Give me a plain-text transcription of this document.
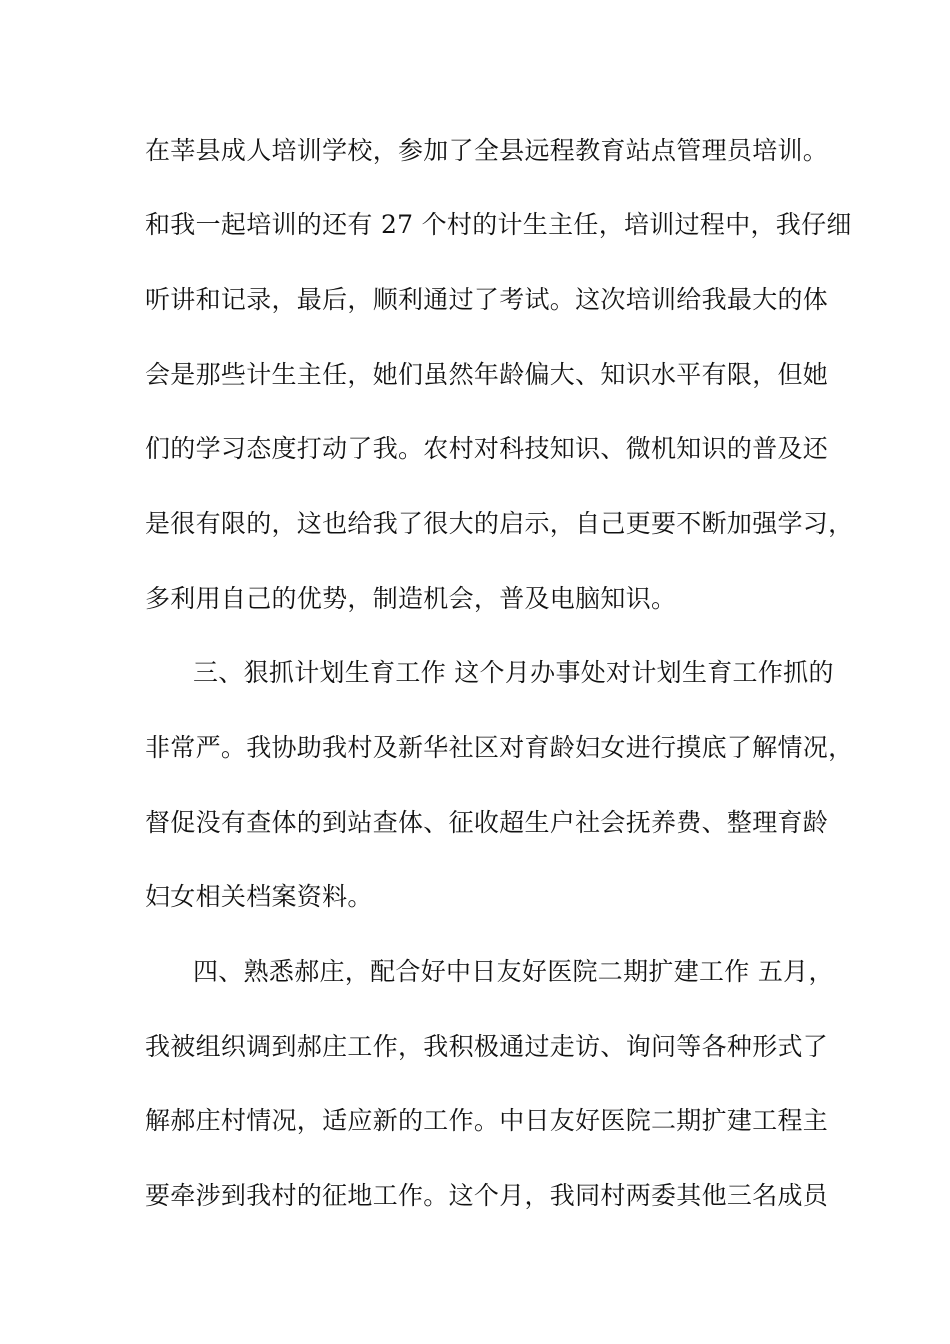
在莘县成人培训学校，参加了全县远程教育站点管理员培训。

和我一起培训的还有 27 个村的计生主任，培训过程中，我仔细

听讲和记录，最后，顺利通过了考试。这次培训给我最大的体

会是那些计生主任，她们虽然年龄偏大、知识水平有限，但她

们的学习态度打动了我。农村对科技知识、微机知识的普及还

是很有限的，这也给我了很大的启示，自己更要不断加强学习，

多利用自己的优势，制造机会，普及电脑知识。

三、狠抓计划生育工作 这个月办事处对计划生育工作抓的

非常严。我协助我村及新华社区对育龄妇女进行摸底了解情况，

督促没有查体的到站查体、征收超生户社会抚养费、整理育龄

妇女相关档案资料。

四、熟悉郝庄，配合好中日友好医院二期扩建工作 五月，

我被组织调到郝庄工作，我积极通过走访、询问等各种形式了

解郝庄村情况，适应新的工作。中日友好医院二期扩建工程主

要牵涉到我村的征地工作。这个月，我同村两委其他三名成员
